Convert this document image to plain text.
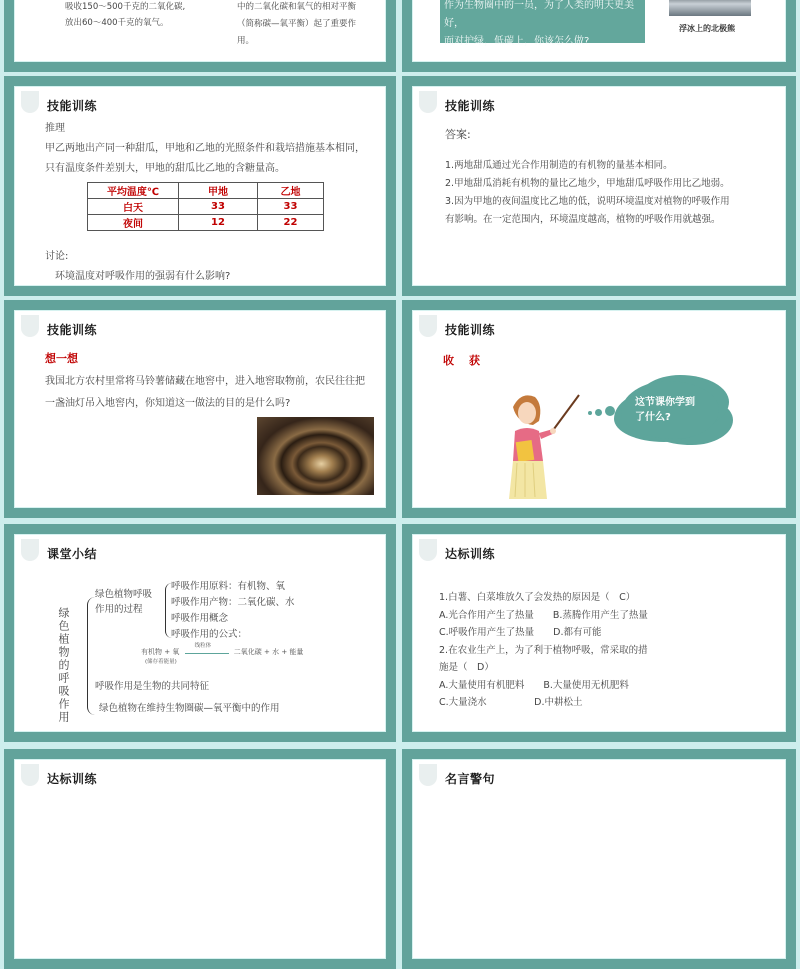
吸收150～500千克的二氧化碳,
放出60～400千克的氧气。
中的二氧化碳和氧气的相对平衡
（简称碳—氧平衡）起了重要作
用。
作为生物圈中的一员，为了人类的明天更美好，
面对护绿，低碳上，你该怎么做?
浮冰上的北极熊
技能训练
推理
甲乙两地出产同一种甜瓜，甲地和乙地的光照条件和栽培措施基本相同，
只有温度条件差别大，甲地的甜瓜比乙地的含糖量高。
平均温度℃	甲地	乙地
白天	33	33
夜间	12	22
讨论:
环境温度对呼吸作用的强弱有什么影响?
技能训练
答案:
1.两地甜瓜通过光合作用制造的有机物的量基本相同。
2.甲地甜瓜消耗有机物的量比乙地少，甲地甜瓜呼吸作用比乙地弱。
3.因为甲地的夜间温度比乙地的低，说明环境温度对植物的呼吸作用
有影响。在一定范围内，环境温度越高，植物的呼吸作用就越强。
技能训练
想一想
我国北方农村里常将马铃薯储藏在地窖中，进入地窖取物前，农民往往把
一盏油灯吊入地窖内，你知道这一做法的目的是什么吗?
技能训练
收　获
这节课你学到
了什么?
课堂小结
绿色植物的呼吸作用
绿色植物呼吸
作用的过程
呼吸作用原料：有机物、氧
呼吸作用产物：二氧化碳、水
呼吸作用概念
呼吸作用的公式：
有机物 + 氧
线粒体
二氧化碳 + 水 + 能量
(储存着能量)
呼吸作用是生物的共同特征
绿色植物在维持生物圈碳—氧平衡中的作用
达标训练
1.白薯、白菜堆放久了会发热的原因是（　C）
A.光合作用产生了热量　　B.蒸腾作用产生了热量
C.呼吸作用产生了热量　　D.都有可能
2.在农业生产上，为了利于植物呼吸，常采取的措
施是（　D）
A.大量使用有机肥料　　B.大量使用无机肥料
C.大量浇水　　　　　D.中耕松土
达标训练	名言警句
